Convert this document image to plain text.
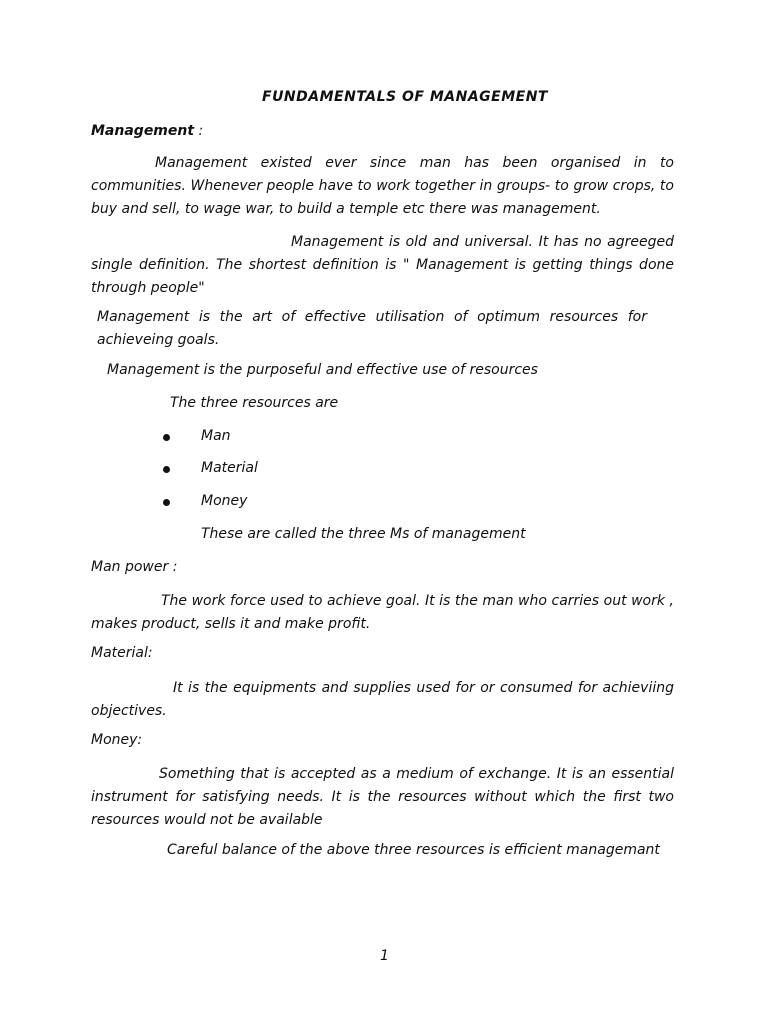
FUNDAMENTALS OF MANAGEMENT
Management :
Management existed ever since man has been organised in to communities. Whenever people have to work together in groups- to grow crops, to buy and sell, to wage war, to build a temple etc there was management.
Management is old and universal. It has no agreeged single definition. The shortest definition is " Management is getting things done through people"
Management is the art of effective utilisation of optimum resources for achieveing goals.
Management is the purposeful and effective use of resources
The three resources are
Man
Material
Money
These are called the three Ms of management
Man power :
The work force used to achieve goal. It is the man who carries out work , makes product, sells it and make profit.
Material:
It is the equipments and supplies used for or consumed for achieviing objectives.
Money:
Something that is accepted as a medium of exchange. It is an essential instrument for satisfying needs. It is the resources without which the first two resources would not be available
Careful balance of the above three resources is efficient managemant
1
